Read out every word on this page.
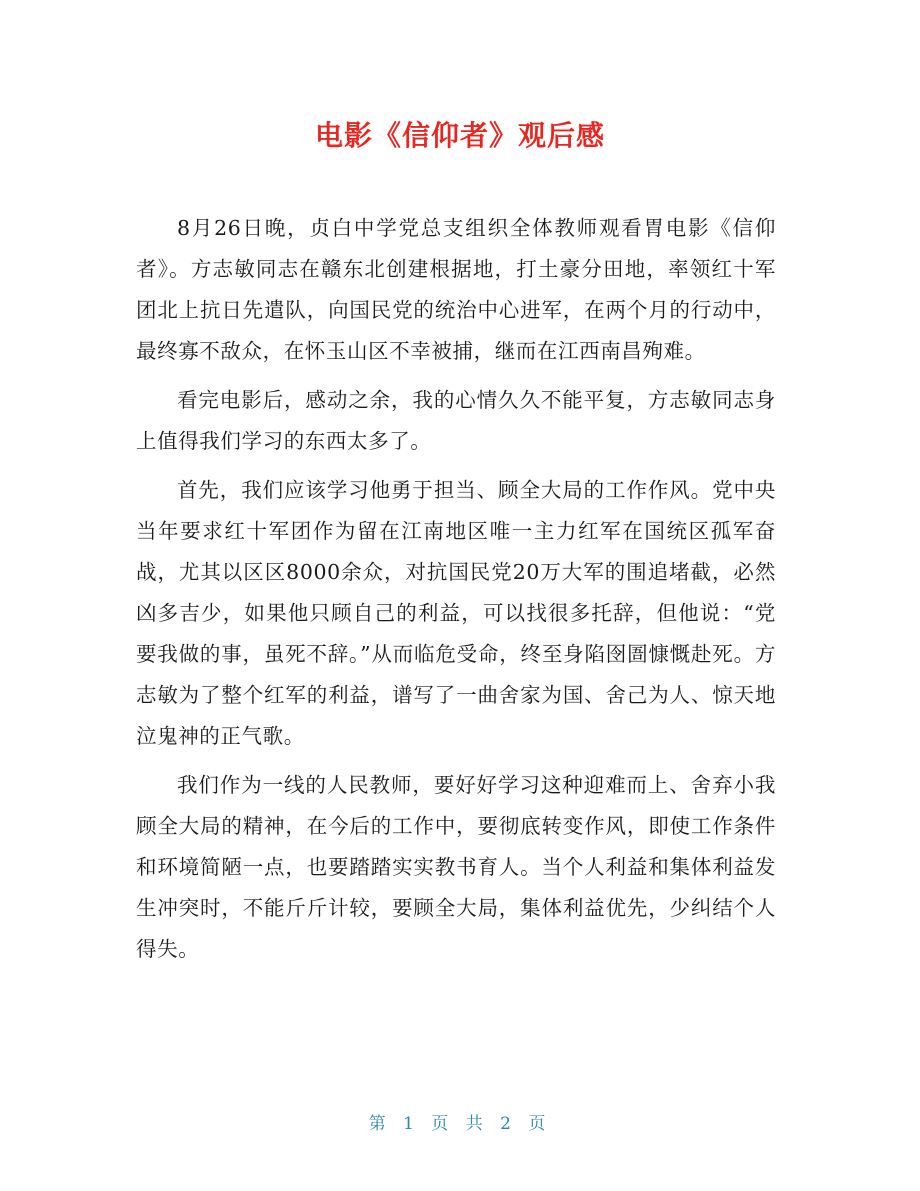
电影《信仰者》观后感

8月26日晚，贞白中学党总支组织全体教师观看胃电影《信仰者》。方志敏同志在赣东北创建根据地，打土豪分田地，率领红十军团北上抗日先遣队，向国民党的统治中心进军，在两个月的行动中，最终寡不敌众，在怀玉山区不幸被捕，继而在江西南昌殉难。

看完电影后，感动之余，我的心情久久不能平复，方志敏同志身上值得我们学习的东西太多了。

首先，我们应该学习他勇于担当、顾全大局的工作作风。党中央当年要求红十军团作为留在江南地区唯一主力红军在国统区孤军奋战，尤其以区区8000余众，对抗国民党20万大军的围追堵截，必然凶多吉少，如果他只顾自己的利益，可以找很多托辞，但他说：“党要我做的事，虽死不辞。”从而临危受命，终至身陷囹圄慷慨赴死。方志敏为了整个红军的利益，谱写了一曲舍家为国、舍己为人、惊天地泣鬼神的正气歌。

我们作为一线的人民教师，要好好学习这种迎难而上、舍弃小我顾全大局的精神，在今后的工作中，要彻底转变作风，即使工作条件和环境简陋一点，也要踏踏实实教书育人。当个人利益和集体利益发生冲突时，不能斤斤计较，要顾全大局，集体利益优先，少纠结个人得失。

第 1 页 共 2 页
